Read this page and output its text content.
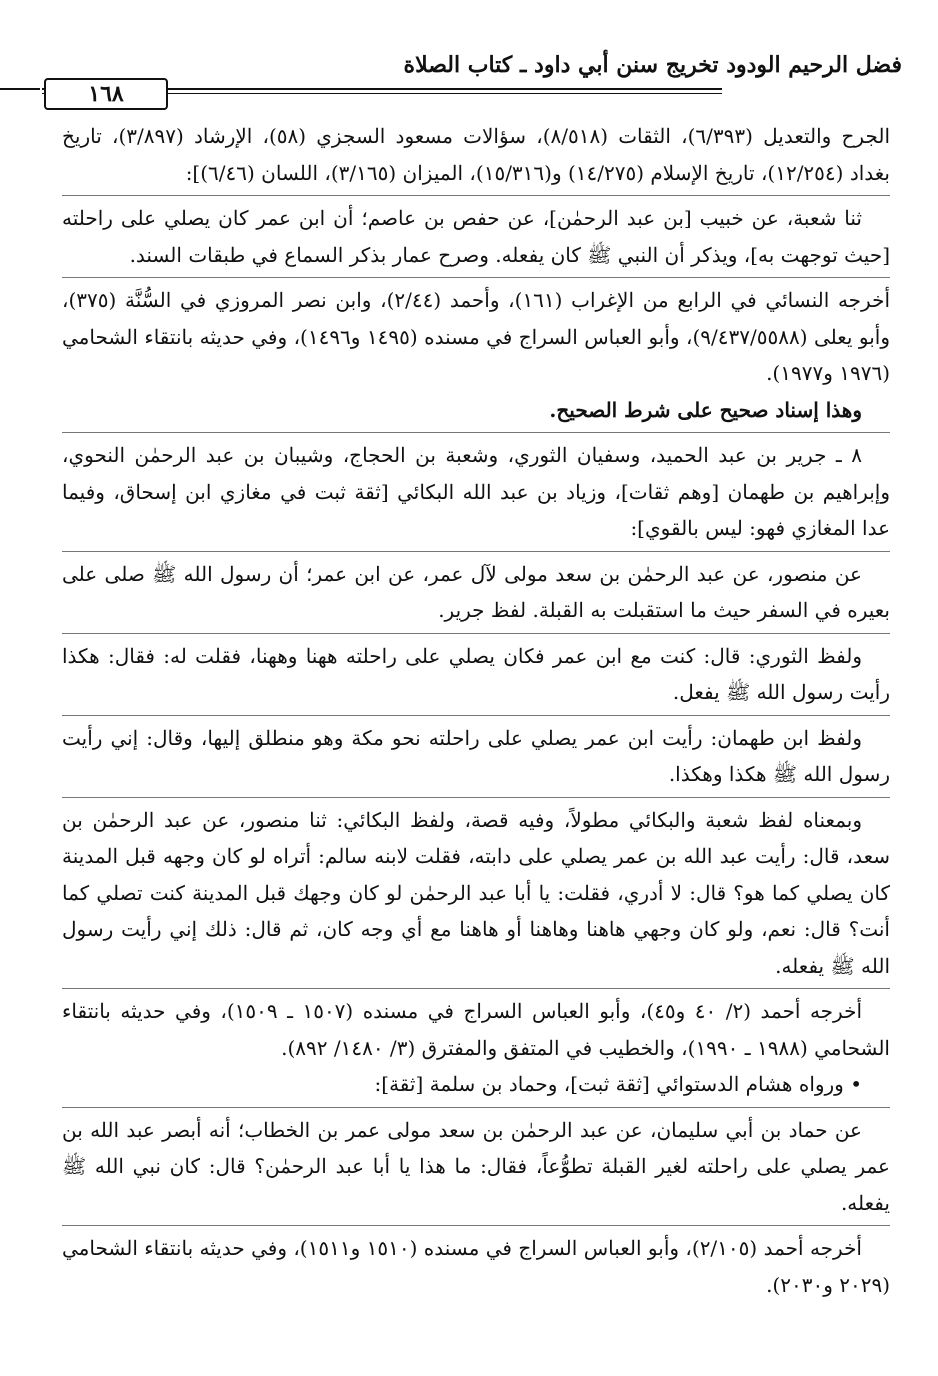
فضل الرحيم الودود تخريج سنن أبي داود ـ كتاب الصلاة
١٦٨

الجرح والتعديل (٦/٣٩٣)، الثقات (٨/٥١٨)، سؤالات مسعود السجزي (٥٨)، الإرشاد (٣/٨٩٧)، تاريخ بغداد (١٢/٢٥٤)، تاريخ الإسلام (١٤/٢٧٥) و(١٥/٣١٦)، الميزان (٣/١٦٥)، اللسان (٦/٤٦)]:

ثنا شعبة، عن خبيب [بن عبد الرحمٰن]، عن حفص بن عاصم؛ أن ابن عمر كان يصلي على راحلته [حيث توجهت به]، ويذكر أن النبي ﷺ كان يفعله. وصرح عمار بذكر السماع في طبقات السند.

أخرجه النسائي في الرابع من الإغراب (١٦١)، وأحمد (٢/٤٤)، وابن نصر المروزي في السُّنَّة (٣٧٥)، وأبو يعلى (٩/٤٣٧/٥٥٨٨)، وأبو العباس السراج في مسنده (١٤٩٥ و١٤٩٦)، وفي حديثه بانتقاء الشحامي (١٩٧٦ و١٩٧٧).

وهذا إسناد صحيح على شرط الصحيح.

٨ ـ جرير بن عبد الحميد، وسفيان الثوري، وشعبة بن الحجاج، وشيبان بن عبد الرحمٰن النحوي، وإبراهيم بن طهمان [وهم ثقات]، وزياد بن عبد الله البكائي [ثقة ثبت في مغازي ابن إسحاق، وفيما عدا المغازي فهو: ليس بالقوي]:

عن منصور، عن عبد الرحمٰن بن سعد مولى لآل عمر، عن ابن عمر؛ أن رسول الله ﷺ صلى على بعيره في السفر حيث ما استقبلت به القبلة. لفظ جرير.

ولفظ الثوري: قال: كنت مع ابن عمر فكان يصلي على راحلته ههنا وههنا، فقلت له: فقال: هكذا رأيت رسول الله ﷺ يفعل.

ولفظ ابن طهمان: رأيت ابن عمر يصلي على راحلته نحو مكة وهو منطلق إليها، وقال: إني رأيت رسول الله ﷺ هكذا وهكذا.

وبمعناه لفظ شعبة والبكائي مطولاً، وفيه قصة، ولفظ البكائي: ثنا منصور، عن عبد الرحمٰن بن سعد، قال: رأيت عبد الله بن عمر يصلي على دابته، فقلت لابنه سالم: أتراه لو كان وجهه قبل المدينة كان يصلي كما هو؟ قال: لا أدري، فقلت: يا أبا عبد الرحمٰن لو كان وجهك قبل المدينة كنت تصلي كما أنت؟ قال: نعم، ولو كان وجهي هاهنا وهاهنا أو هاهنا مع أي وجه كان، ثم قال: ذلك إني رأيت رسول الله ﷺ يفعله.

أخرجه أحمد (٢/ ٤٠ و٤٥)، وأبو العباس السراج في مسنده (١٥٠٧ ـ ١٥٠٩)، وفي حديثه بانتقاء الشحامي (١٩٨٨ ـ ١٩٩٠)، والخطيب في المتفق والمفترق (٣/ ١٤٨٠/ ٨٩٢).

• ورواه هشام الدستوائي [ثقة ثبت]، وحماد بن سلمة [ثقة]:

عن حماد بن أبي سليمان، عن عبد الرحمٰن بن سعد مولى عمر بن الخطاب؛ أنه أبصر عبد الله بن عمر يصلي على راحلته لغير القبلة تطوُّعاً، فقال: ما هذا يا أبا عبد الرحمٰن؟ قال: كان نبي الله ﷺ يفعله.

أخرجه أحمد (٢/١٠٥)، وأبو العباس السراج في مسنده (١٥١٠ و١٥١١)، وفي حديثه بانتقاء الشحامي (٢٠٢٩ و٢٠٣٠).
